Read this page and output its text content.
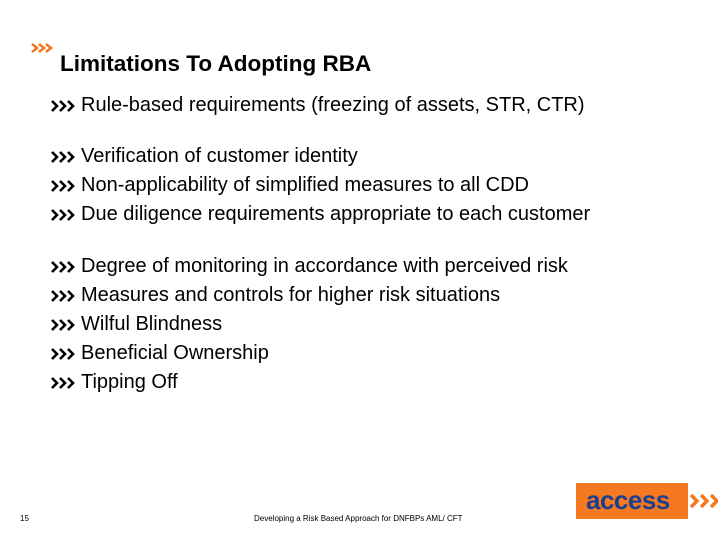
Limitations To Adopting RBA
Rule-based requirements (freezing of assets, STR, CTR)
Verification of customer identity
Non-applicability of simplified measures to all CDD
Due diligence requirements appropriate to each customer
Degree of monitoring in accordance with perceived risk
Measures and controls for higher risk situations
Wilful Blindness
Beneficial Ownership
Tipping Off
15	Developing a Risk Based Approach for DNFBPs AML/ CFT
access
